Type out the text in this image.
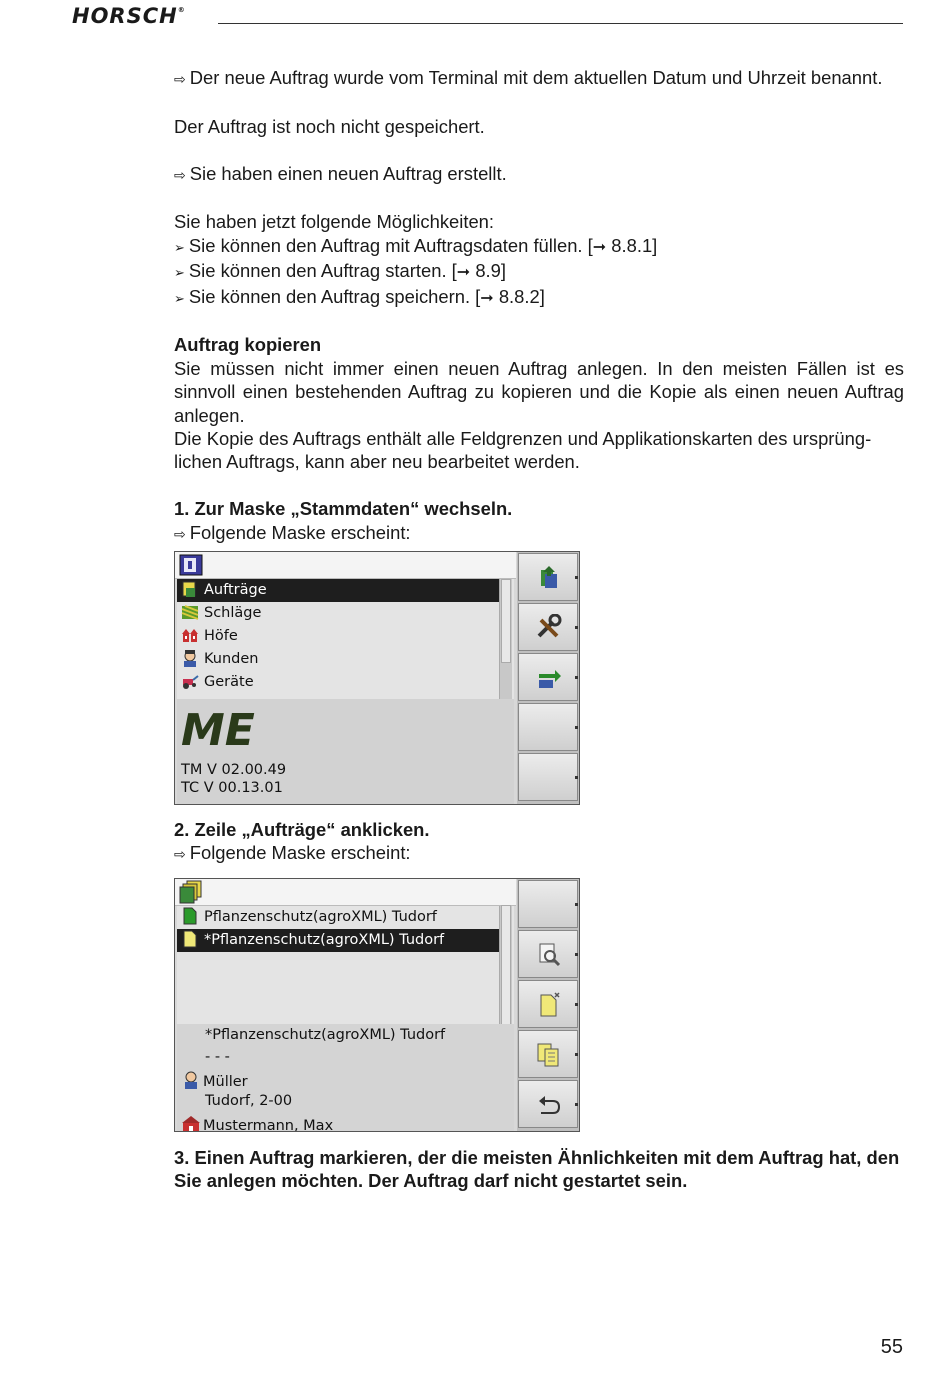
HORSCH®

⇨ Der neue Auftrag wurde vom Terminal mit dem aktuellen Datum und Uhrzeit benannt.

Der Auftrag ist noch nicht gespeichert.

⇨ Sie haben einen neuen Auftrag erstellt.

Sie haben jetzt folgende Möglichkeiten:

➢ Sie können den Auftrag mit Auftragsdaten füllen. [➞ 8.8.1]

➢ Sie können den Auftrag starten. [➞ 8.9]

➢ Sie können den Auftrag speichern. [➞ 8.8.2]

Auftrag kopieren

Sie müssen nicht immer einen neuen Auftrag anlegen. In den meisten Fällen ist es sinnvoll einen bestehenden Auftrag zu kopieren und die Kopie als einen neuen Auftrag anlegen.

Die Kopie des Auftrags enthält alle Feldgrenzen und Applikationskarten des ursprüng-
lichen Auftrags, kann aber neu bearbeitet werden.

1. Zur Maske „Stammdaten“ wechseln.

⇨ Folgende Maske erscheint:

Aufträge
Schläge
Höfe
Kunden
Geräte
ME
TM V 02.00.49
TC V 00.13.01

2. Zeile „Aufträge“ anklicken.

⇨ Folgende Maske erscheint:

Pflanzenschutz(agroXML) Tudorf
*Pflanzenschutz(agroXML) Tudorf
*Pflanzenschutz(agroXML) Tudorf
- - -
Müller
Tudorf, 2-00
Mustermann, Max

3. Einen Auftrag markieren, der die meisten Ähnlichkeiten mit dem Auftrag hat, den Sie anlegen möchten. Der Auftrag darf nicht gestartet sein.

55
